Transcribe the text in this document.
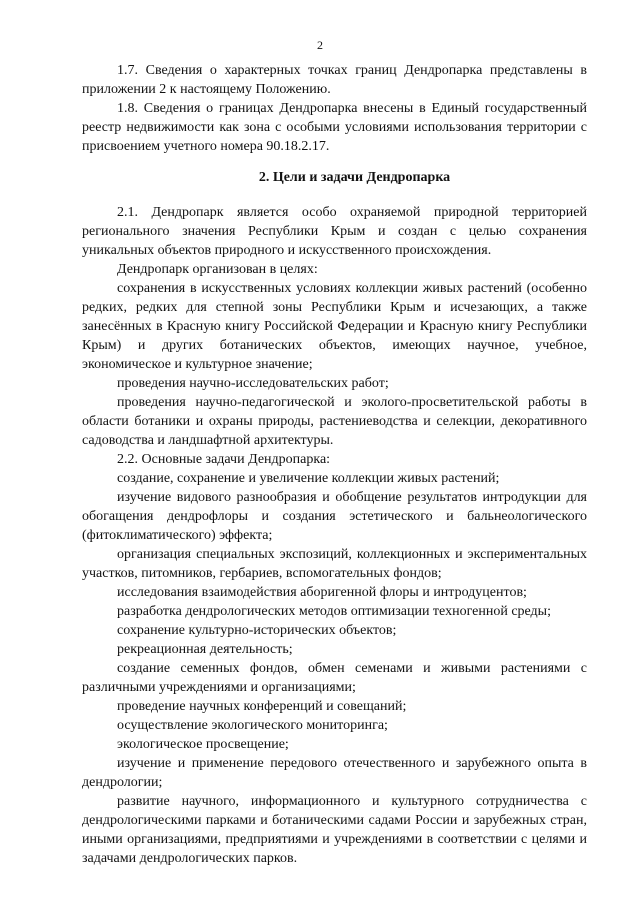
2

1.7. Сведения о характерных точках границ Дендропарка представлены в приложении 2 к настоящему Положению.

1.8. Сведения о границах Дендропарка внесены в Единый государственный реестр недвижимости как зона с особыми условиями использования территории с присвоением учетного номера 90.18.2.17.

2. Цели и задачи Дендропарка

2.1. Дендропарк является особо охраняемой природной территорией регионального значения Республики Крым и создан с целью сохранения уникальных объектов природного и искусственного происхождения.

Дендропарк организован в целях:

сохранения в искусственных условиях коллекции живых растений (особенно редких, редких для степной зоны Республики Крым и исчезающих, а также занесённых в Красную книгу Российской Федерации и Красную книгу Республики Крым) и других ботанических объектов, имеющих научное, учебное, экономическое и культурное значение;

проведения научно-исследовательских работ;

проведения научно-педагогической и эколого-просветительской работы в области ботаники и охраны природы, растениеводства и селекции, декоративного садоводства и ландшафтной архитектуры.

2.2. Основные задачи Дендропарка:

создание, сохранение и увеличение коллекции живых растений;

изучение видового разнообразия и обобщение результатов интродукции для обогащения дендрофлоры и создания эстетического и бальнеологического (фитоклиматического) эффекта;

организация специальных экспозиций, коллекционных и экспериментальных участков, питомников, гербариев, вспомогательных фондов;

исследования взаимодействия аборигенной флоры и интродуцентов;

разработка дендрологических методов оптимизации техногенной среды;

сохранение культурно-исторических объектов;

рекреационная деятельность;

создание семенных фондов, обмен семенами и живыми растениями с различными учреждениями и организациями;

проведение научных конференций и совещаний;

осуществление экологического мониторинга;

экологическое просвещение;

изучение и применение передового отечественного и зарубежного опыта в дендрологии;

развитие научного, информационного и культурного сотрудничества с дендрологическими парками и ботаническими садами России и зарубежных стран, иными организациями, предприятиями и учреждениями в соответствии с целями и задачами дендрологических парков.
